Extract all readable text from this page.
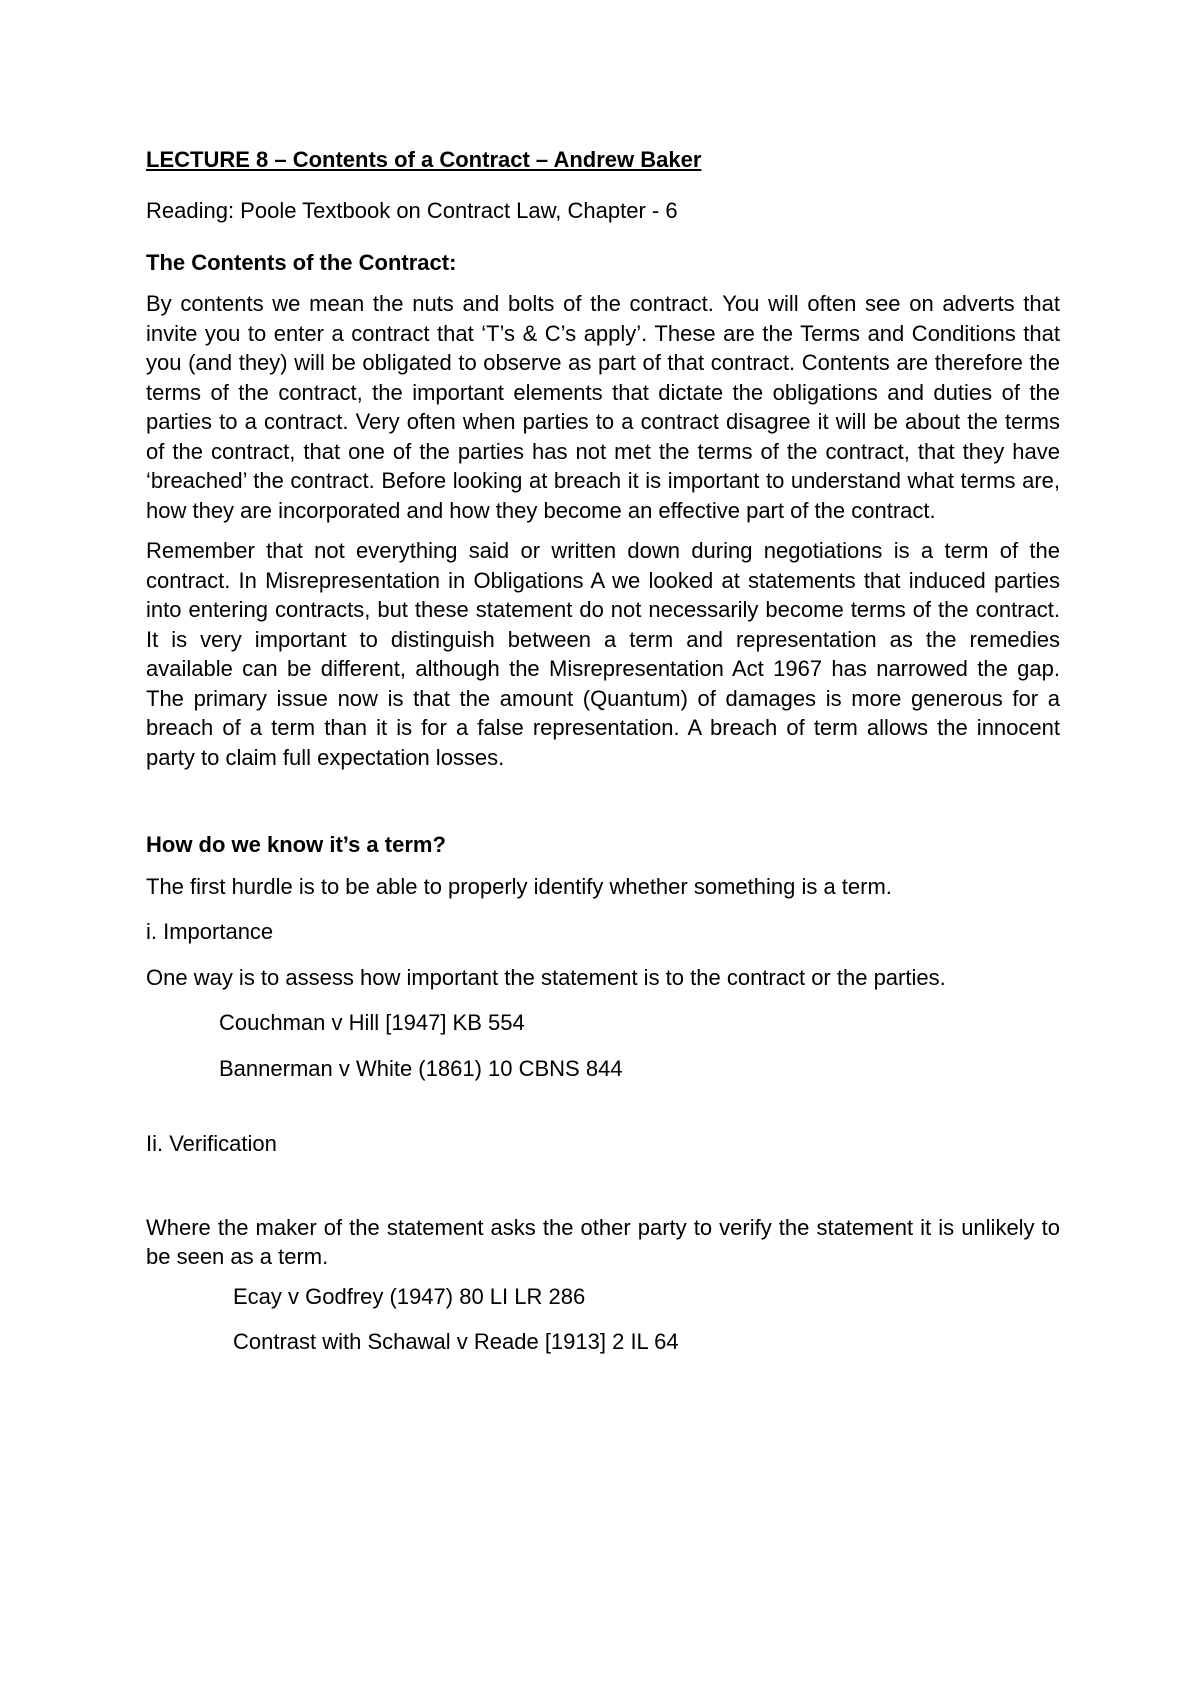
LECTURE 8 – Contents of a Contract – Andrew Baker

Reading: Poole Textbook on Contract Law, Chapter - 6

The Contents of the Contract:

By contents we mean the nuts and bolts of the contract. You will often see on adverts that invite you to enter a contract that ‘T’s & C’s apply’. These are the Terms and Conditions that you (and they) will be obligated to observe as part of that contract. Contents are therefore the terms of the contract, the important elements that dictate the obligations and duties of the parties to a contract. Very often when parties to a contract disagree it will be about the terms of the contract, that one of the parties has not met the terms of the contract, that they have ‘breached’ the contract. Before looking at breach it is important to understand what terms are, how they are incorporated and how they become an effective part of the contract.

Remember that not everything said or written down during negotiations is a term of the contract. In Misrepresentation in Obligations A we looked at statements that induced parties into entering contracts, but these statement do not necessarily become terms of the contract. It is very important to distinguish between a term and representation as the remedies available can be different, although the Misrepresentation Act 1967 has narrowed the gap. The primary issue now is that the amount (Quantum) of damages is more generous for a breach of a term than it is for a false representation. A breach of term allows the innocent party to claim full expectation losses.

How do we know it’s a term?

The first hurdle is to be able to properly identify whether something is a term.

i. Importance

One way is to assess how important the statement is to the contract or the parties.

Couchman v Hill [1947] KB 554

Bannerman v White (1861) 10 CBNS 844

Ii. Verification

Where the maker of the statement asks the other party to verify the statement it is unlikely to be seen as a term.

Ecay v Godfrey (1947) 80 LI LR 286

Contrast with Schawal v Reade [1913] 2 IL 64
